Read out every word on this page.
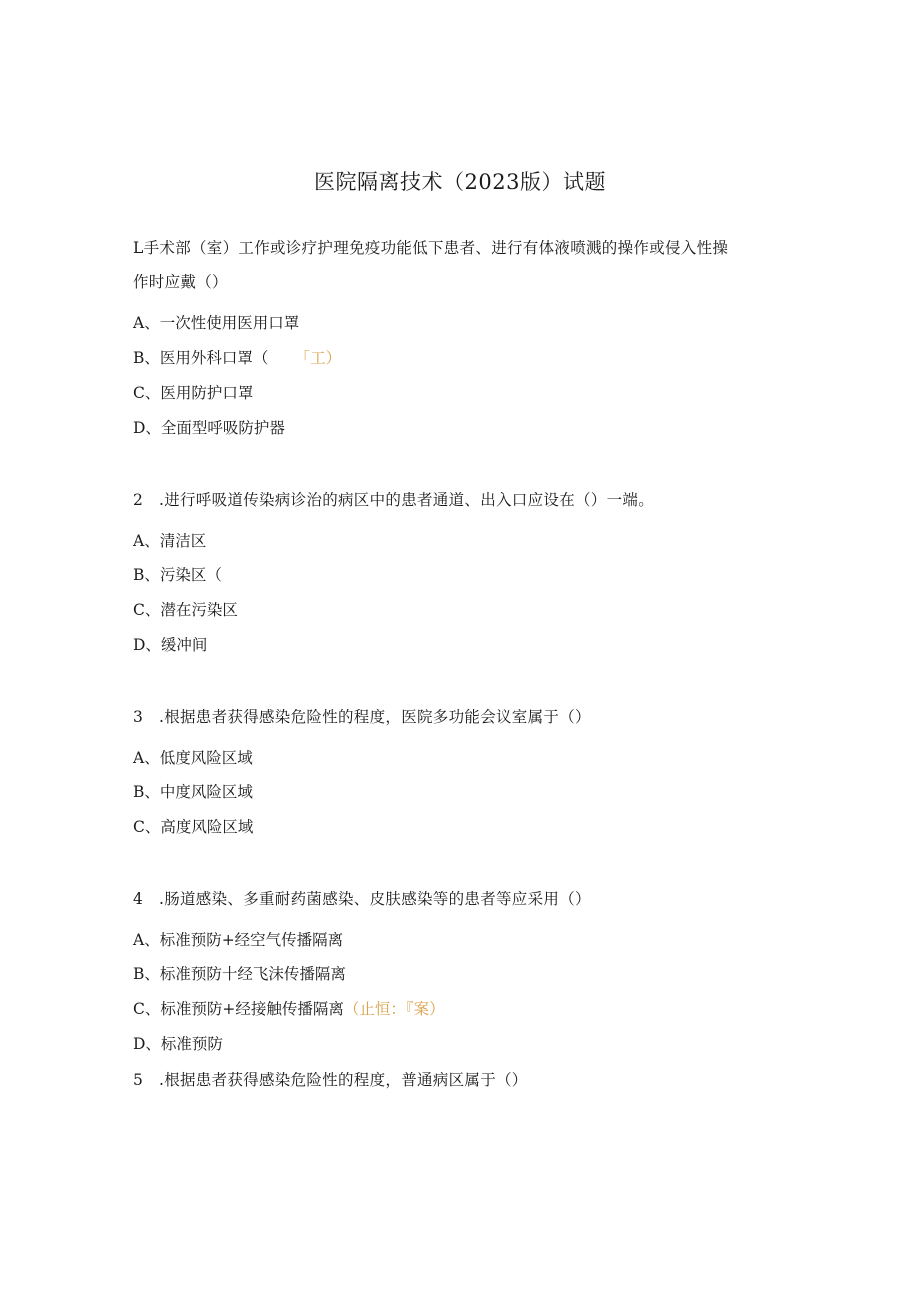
医院隔离技术（2023版）试题
L手术部（室）工作或诊疗护理免疫功能低下患者、进行有体液喷溅的操作或侵入性操
作时应戴（）
A、一次性使用医用口罩
B、医用外科口罩（ 「工）
C、医用防护口罩
D、全面型呼吸防护器
2　.进行呼吸道传染病诊治的病区中的患者通道、出入口应设在（）一端。
A、清洁区
B、污染区（
C、潜在污染区
D、缓冲间
3　.根据患者获得感染危险性的程度，医院多功能会议室属于（）
A、低度风险区域
B、中度风险区域
C、高度风险区域
4　.肠道感染、多重耐药菌感染、皮肤感染等的患者等应采用（）
A、标准预防+经空气传播隔离
B、标准预防十经飞沫传播隔离
C、标准预防+经接触传播隔离（止恒：『案）
D、标准预防
5　.根据患者获得感染危险性的程度，普通病区属于（）
